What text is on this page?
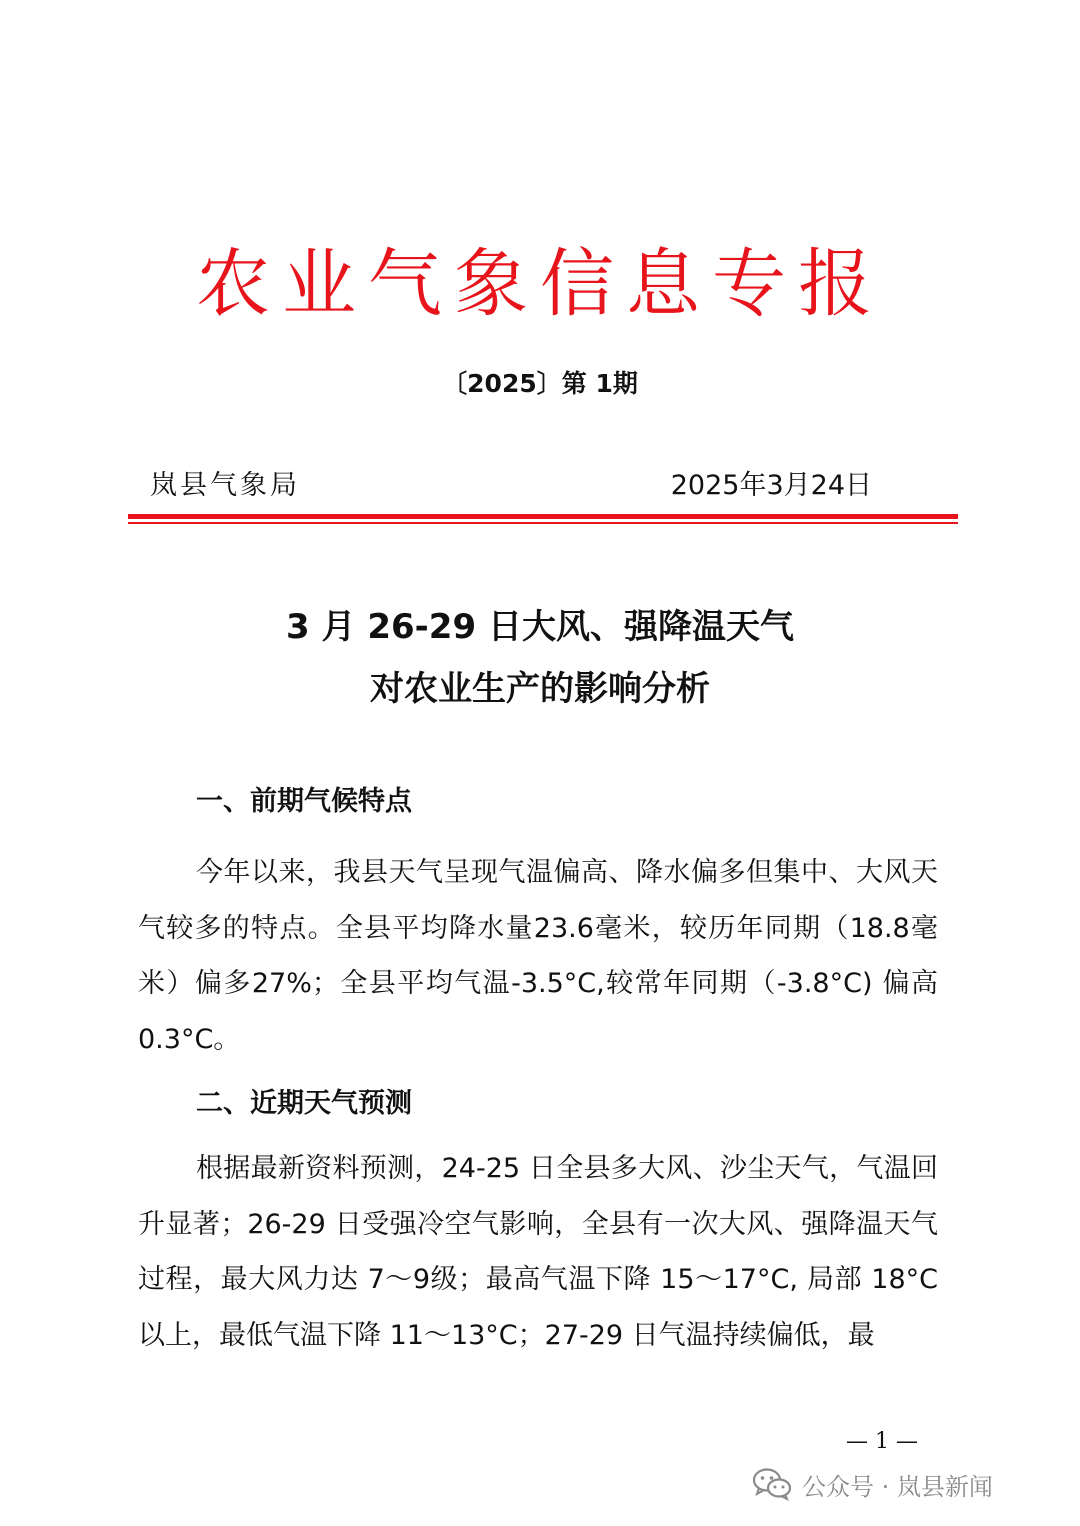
农业气象信息专报
〔2025〕第 1期
岚县气象局	2025年3月24日
3 月 26-29 日大风、强降温天气
对农业生产的影响分析
一、前期气候特点
今年以来，我县天气呈现气温偏高、降水偏多但集中、大风天气较多的特点。全县平均降水量23.6毫米，较历年同期（18.8毫米）偏多27%；全县平均气温-3.5°C,较常年同期（-3.8°C) 偏高0.3°C。
二、近期天气预测
根据最新资料预测，24-25 日全县多大风、沙尘天气，气温回升显著；26-29 日受强冷空气影响，全县有一次大风、强降温天气过程，最大风力达 7～9级；最高气温下降 15～17°C, 局部 18°C以上，最低气温下降 11～13°C；27-29 日气温持续偏低，最
— 1 —
公众号 · 岚县新闻
